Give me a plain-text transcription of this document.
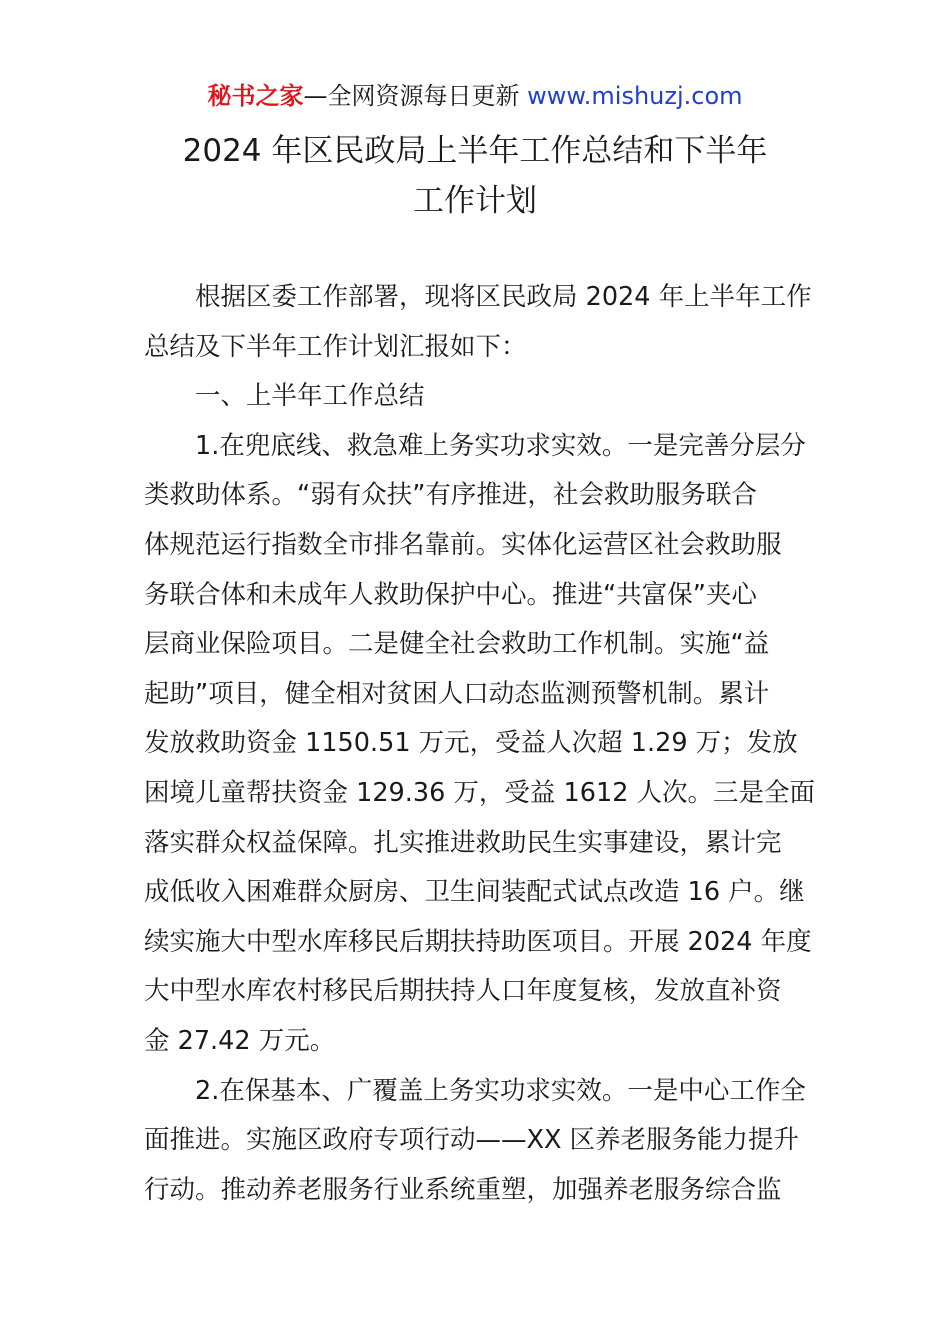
秘书之家—全网资源每日更新 www.mishuzj.com
2024 年区民政局上半年工作总结和下半年
工作计划
　　根据区委工作部署，现将区民政局 2024 年上半年工作
总结及下半年工作计划汇报如下：
　　一、上半年工作总结
　　1.在兜底线、救急难上务实功求实效。一是完善分层分
类救助体系。“弱有众扶”有序推进，社会救助服务联合
体规范运行指数全市排名靠前。实体化运营区社会救助服
务联合体和未成年人救助保护中心。推进“共富保”夹心
层商业保险项目。二是健全社会救助工作机制。实施“益
起助”项目，健全相对贫困人口动态监测预警机制。累计
发放救助资金 1150.51 万元，受益人次超 1.29 万；发放
困境儿童帮扶资金 129.36 万，受益 1612 人次。三是全面
落实群众权益保障。扎实推进救助民生实事建设，累计完
成低收入困难群众厨房、卫生间装配式试点改造 16 户。继
续实施大中型水库移民后期扶持助医项目。开展 2024 年度
大中型水库农村移民后期扶持人口年度复核，发放直补资
金 27.42 万元。
　　2.在保基本、广覆盖上务实功求实效。一是中心工作全
面推进。实施区政府专项行动——XX 区养老服务能力提升
行动。推动养老服务行业系统重塑，加强养老服务综合监
